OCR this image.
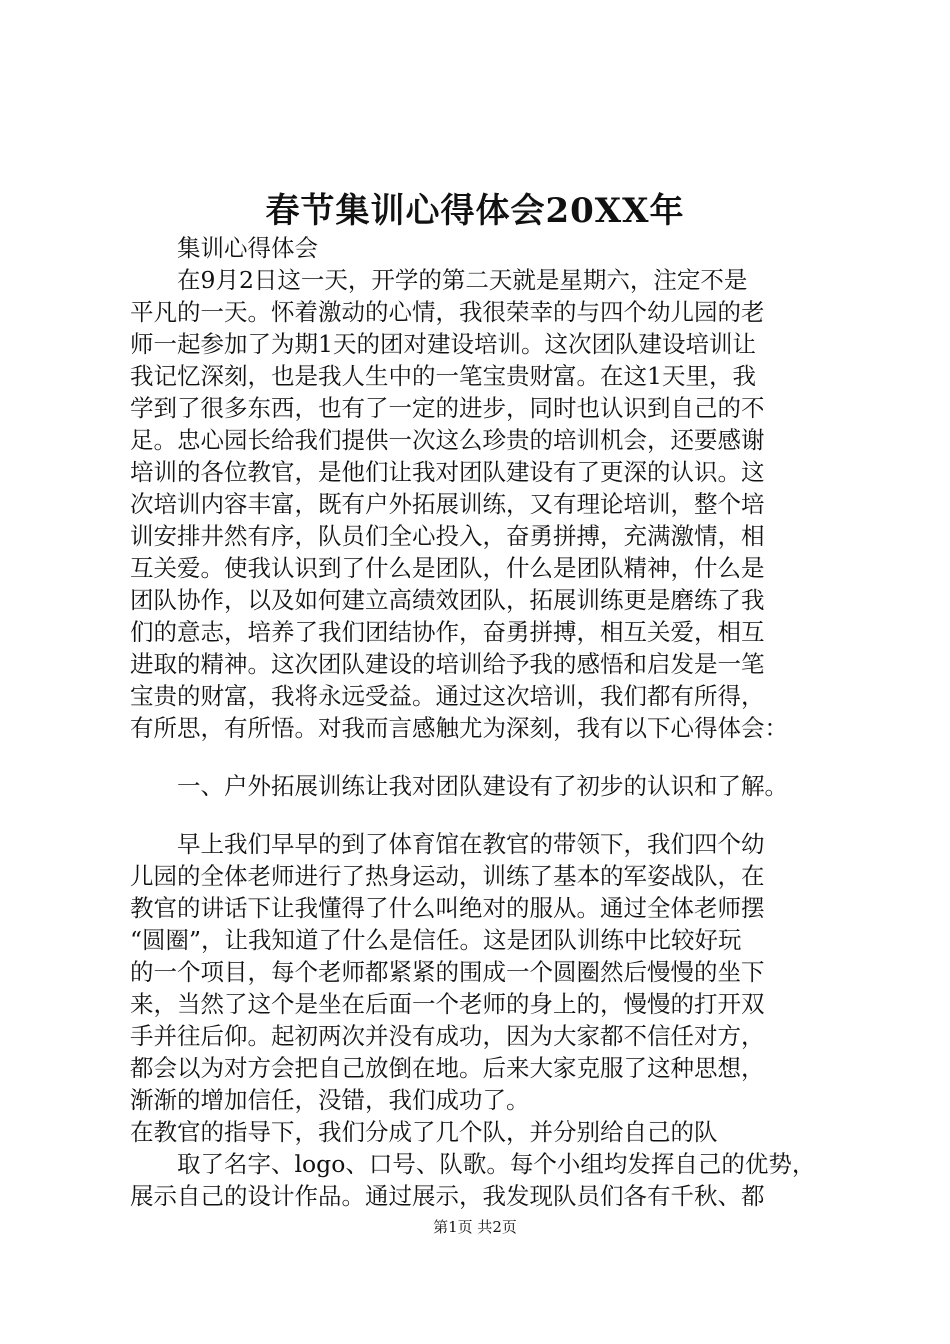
春节集训心得体会20XX年
集训心得体会
在9月2日这一天，开学的第二天就是星期六，注定不是
平凡的一天。怀着激动的心情，我很荣幸的与四个幼儿园的老
师一起参加了为期1天的团对建设培训。这次团队建设培训让
我记忆深刻，也是我人生中的一笔宝贵财富。在这1天里，我
学到了很多东西，也有了一定的进步，同时也认识到自己的不
足。忠心园长给我们提供一次这么珍贵的培训机会，还要感谢
培训的各位教官，是他们让我对团队建设有了更深的认识。这
次培训内容丰富，既有户外拓展训练，又有理论培训，整个培
训安排井然有序，队员们全心投入，奋勇拼搏，充满激情，相
互关爱。使我认识到了什么是团队，什么是团队精神，什么是
团队协作，以及如何建立高绩效团队，拓展训练更是磨练了我
们的意志，培养了我们团结协作，奋勇拼搏，相互关爱，相互
进取的精神。这次团队建设的培训给予我的感悟和启发是一笔
宝贵的财富，我将永远受益。通过这次培训，我们都有所得，
有所思，有所悟。对我而言感触尤为深刻，我有以下心得体会：
一、户外拓展训练让我对团队建设有了初步的认识和了解。
早上我们早早的到了体育馆在教官的带领下，我们四个幼
儿园的全体老师进行了热身运动，训练了基本的军姿战队，在
教官的讲话下让我懂得了什么叫绝对的服从。通过全体老师摆
“圆圈”，让我知道了什么是信任。这是团队训练中比较好玩
的一个项目，每个老师都紧紧的围成一个圆圈然后慢慢的坐下
来，当然了这个是坐在后面一个老师的身上的，慢慢的打开双
手并往后仰。起初两次并没有成功，因为大家都不信任对方，
都会以为对方会把自己放倒在地。后来大家克服了这种思想，
渐渐的增加信任，没错，我们成功了。
在教官的指导下，我们分成了几个队，并分别给自己的队
取了名字、logo、口号、队歌。每个小组均发挥自己的优势，
展示自己的设计作品。通过展示，我发现队员们各有千秋、都
第1页 共2页
